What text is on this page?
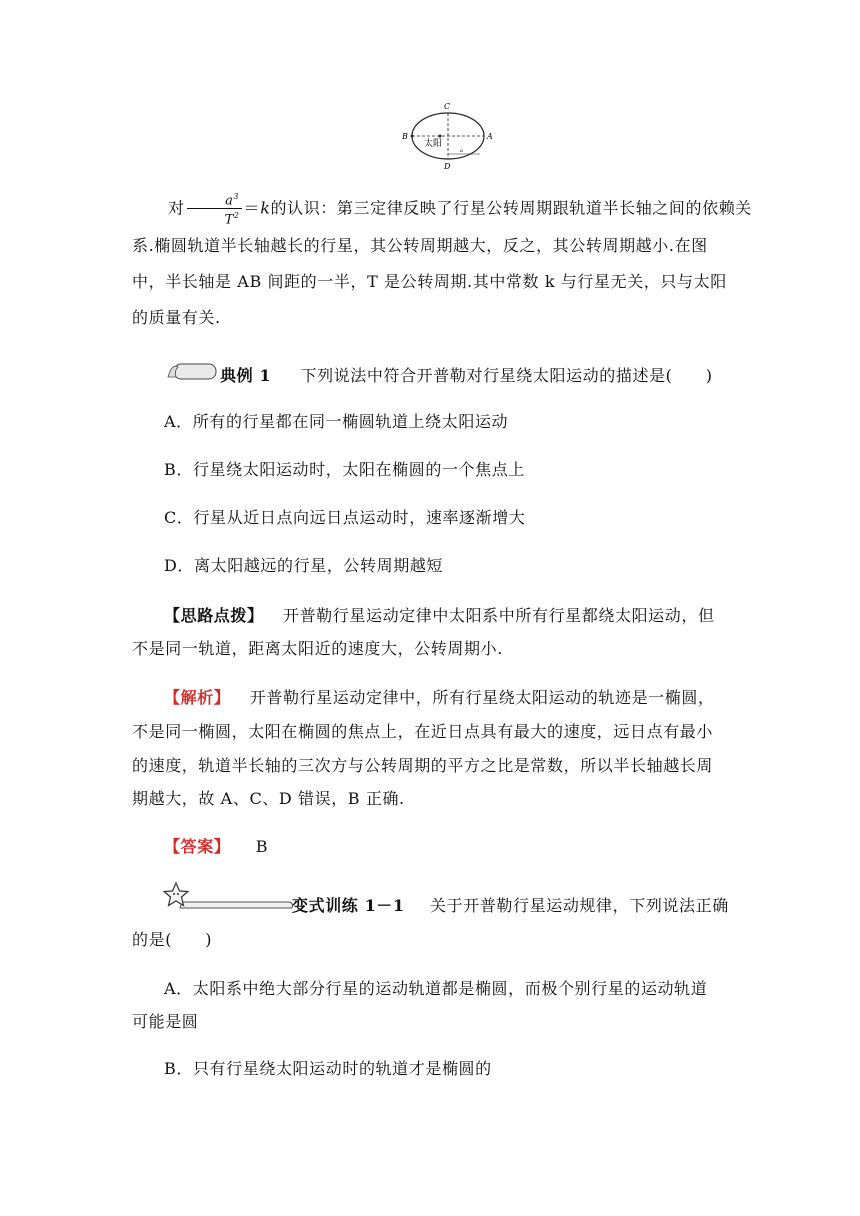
C
D
B	A
太阳
a
对 $\frac{a^3}{T^2} =k$的认识：第三定律反映了行星公转周期跟轨道半长轴之间的依赖关
系.椭圆轨道半长轴越长的行星，其公转周期越大，反之，其公转周期越小.在图
中，半长轴是 AB 间距的一半，T 是公转周期.其中常数 k 与行星无关，只与太阳
的质量有关.
典例 1 下列说法中符合开普勒对行星绕太阳运动的描述是(　　)
A．所有的行星都在同一椭圆轨道上绕太阳运动
B．行星绕太阳运动时，太阳在椭圆的一个焦点上
C．行星从近日点向远日点运动时，速率逐渐增大
D．离太阳越远的行星，公转周期越短
【思路点拨】 开普勒行星运动定律中太阳系中所有行星都绕太阳运动，但
不是同一轨道，距离太阳近的速度大，公转周期小.
【解析】 开普勒行星运动定律中，所有行星绕太阳运动的轨迹是一椭圆，
不是同一椭圆，太阳在椭圆的焦点上，在近日点具有最大的速度，远日点有最小
的速度，轨道半长轴的三次方与公转周期的平方之比是常数，所以半长轴越长周
期越大，故 A、C、D 错误，B 正确.
【答案】 B
变式训练 1－1 关于开普勒行星运动规律，下列说法正确
的是(　　)
A．太阳系中绝大部分行星的运动轨道都是椭圆，而极个别行星的运动轨道
可能是圆
B．只有行星绕太阳运动时的轨道才是椭圆的
